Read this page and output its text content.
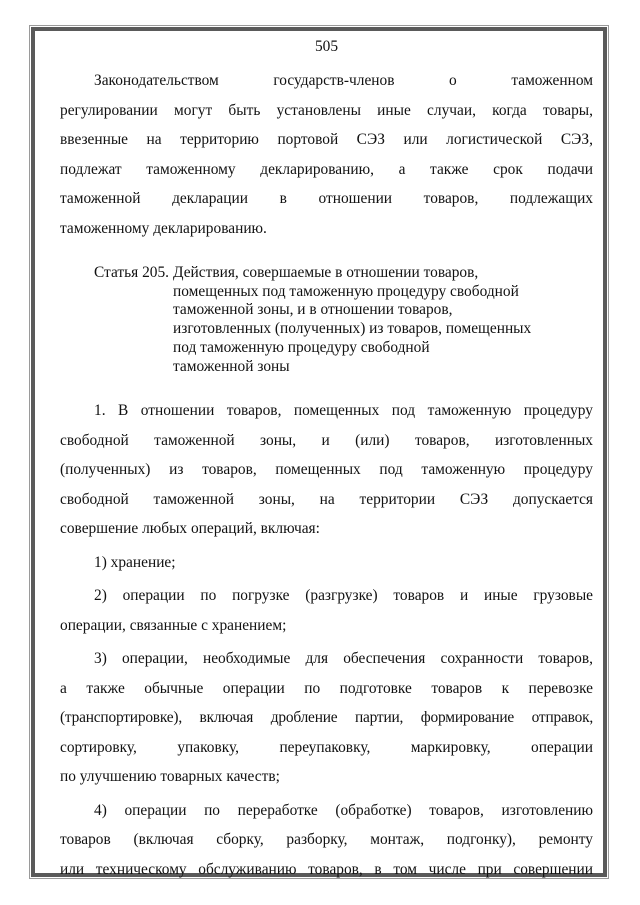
505

Законодательством государств-членов о таможенном
регулировании могут быть установлены иные случаи, когда товары,
ввезенные на территорию портовой СЭЗ или логистической СЭЗ,
подлежат таможенному декларированию, а также срок подачи
таможенной декларации в отношении товаров, подлежащих
таможенному декларированию.

Статья 205. Действия, совершаемые в отношении товаров,
помещенных под таможенную процедуру свободной
таможенной зоны, и в отношении товаров,
изготовленных (полученных) из товаров, помещенных
под таможенную процедуру свободной
таможенной зоны

1. В отношении товаров, помещенных под таможенную процедуру
свободной таможенной зоны, и (или) товаров, изготовленных
(полученных) из товаров, помещенных под таможенную процедуру
свободной таможенной зоны, на территории СЭЗ допускается
совершение любых операций, включая:

1) хранение;

2) операции по погрузке (разгрузке) товаров и иные грузовые
операции, связанные с хранением;

3) операции, необходимые для обеспечения сохранности товаров,
а также обычные операции по подготовке товаров к перевозке
(транспортировке), включая дробление партии, формирование отправок,
сортировку, упаковку, переупаковку, маркировку, операции
по улучшению товарных качеств;

4) операции по переработке (обработке) товаров, изготовлению
товаров (включая сборку, разборку, монтаж, подгонку), ремонту
или техническому обслуживанию товаров, в том числе при совершении
